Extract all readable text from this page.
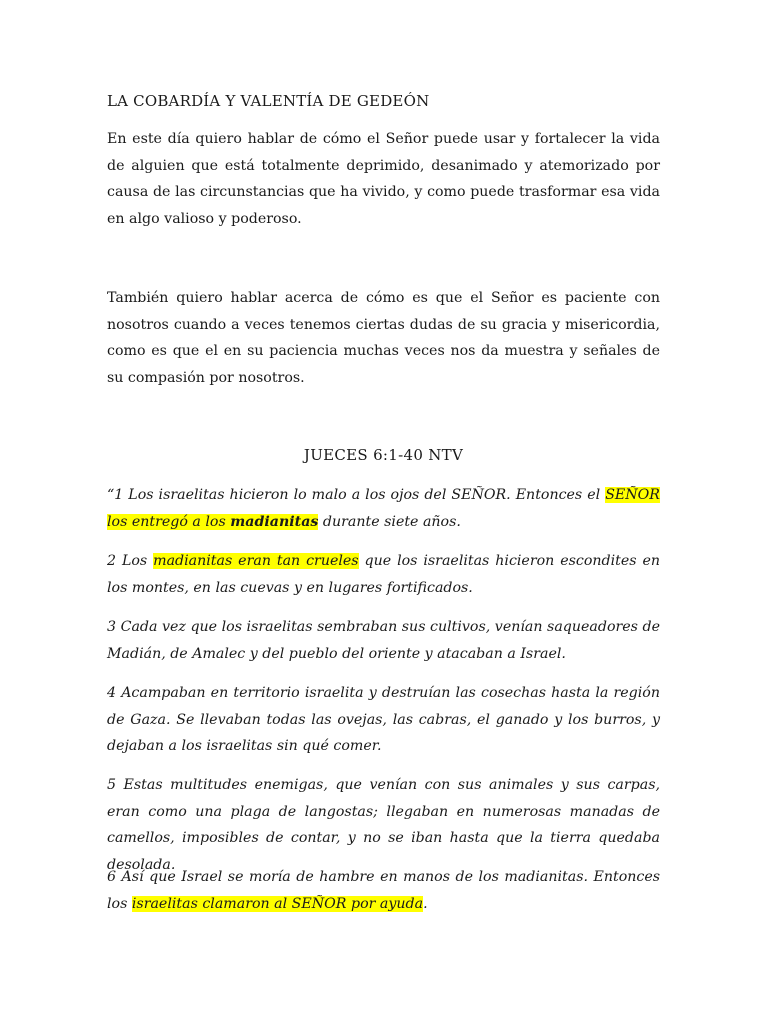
LA COBARDÍA Y VALENTÍA DE GEDEÓN

En este día quiero hablar de cómo el Señor puede usar y fortalecer la vida de alguien que está totalmente deprimido, desanimado y atemorizado por causa de las circunstancias que ha vivido, y como puede trasformar esa vida en algo valioso y poderoso.

También quiero hablar acerca de cómo es que el Señor es paciente con nosotros cuando a veces tenemos ciertas dudas de su gracia y misericordia, como es que el en su paciencia muchas veces nos da muestra y señales de su compasión por nosotros.

JUECES 6:1-40 NTV

“1 Los israelitas hicieron lo malo a los ojos del SEÑOR. Entonces el SEÑOR los entregó a los madianitas durante siete años.

2 Los madianitas eran tan crueles que los israelitas hicieron escondites en los montes, en las cuevas y en lugares fortificados.

3 Cada vez que los israelitas sembraban sus cultivos, venían saqueadores de Madián, de Amalec y del pueblo del oriente y atacaban a Israel.

4 Acampaban en territorio israelita y destruían las cosechas hasta la región de Gaza. Se llevaban todas las ovejas, las cabras, el ganado y los burros, y dejaban a los israelitas sin qué comer.

5 Estas multitudes enemigas, que venían con sus animales y sus carpas, eran como una plaga de langostas; llegaban en numerosas manadas de camellos, imposibles de contar, y no se iban hasta que la tierra quedaba desolada.

6 Así que Israel se moría de hambre en manos de los madianitas. Entonces los israelitas clamaron al SEÑOR por ayuda.
